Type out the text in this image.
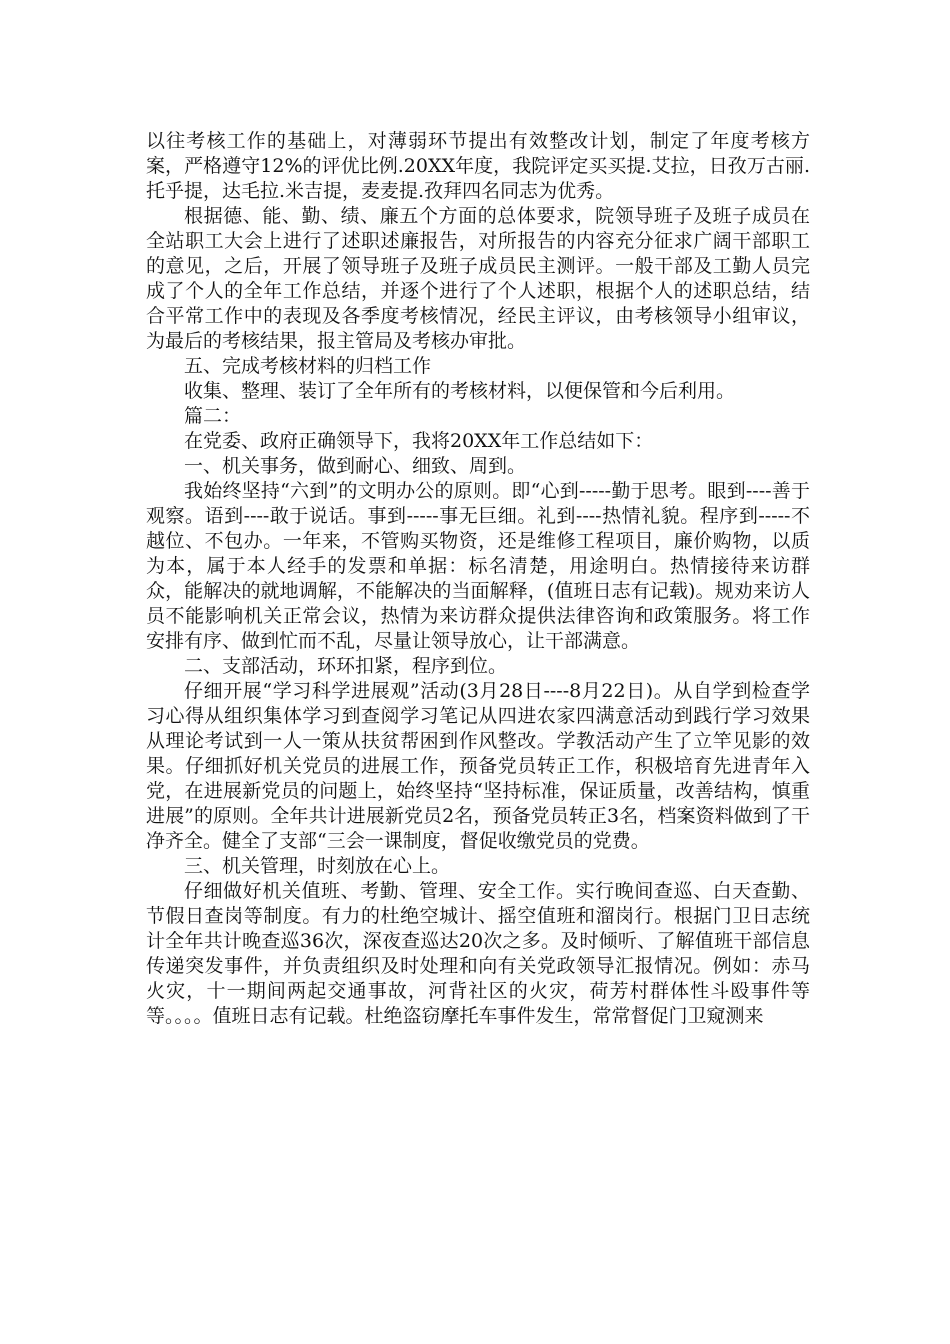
以往考核工作的基础上，对薄弱环节提出有效整改计划，制定了年度考核方案，严格遵守12%的评优比例.20XX年度，我院评定买买提.艾拉，日孜万古丽.托乎提，达毛拉.米吉提，麦麦提.孜拜四名同志为优秀。

根据德、能、勤、绩、廉五个方面的总体要求，院领导班子及班子成员在全站职工大会上进行了述职述廉报告，对所报告的内容充分征求广阔干部职工的意见，之后，开展了领导班子及班子成员民主测评。一般干部及工勤人员完成了个人的全年工作总结，并逐个进行了个人述职，根据个人的述职总结，结合平常工作中的表现及各季度考核情况，经民主评议，由考核领导小组审议，为最后的考核结果，报主管局及考核办审批。

五、完成考核材料的归档工作

收集、整理、装订了全年所有的考核材料，以便保管和今后利用。

篇二：

在党委、政府正确领导下，我将20XX年工作总结如下：

一、机关事务，做到耐心、细致、周到。

我始终坚持“六到”的文明办公的原则。即“心到-----勤于思考。眼到----善于观察。语到----敢于说话。事到-----事无巨细。礼到----热情礼貌。程序到-----不越位、不包办。一年来，不管购买物资，还是维修工程项目，廉价购物，以质为本，属于本人经手的发票和单据：标名清楚，用途明白。热情接待来访群众，能解决的就地调解，不能解决的当面解释，(值班日志有记载)。规劝来访人员不能影响机关正常会议，热情为来访群众提供法律咨询和政策服务。将工作安排有序、做到忙而不乱，尽量让领导放心，让干部满意。

二、支部活动，环环扣紧，程序到位。

仔细开展“学习科学进展观”活动(3月28日----8月22日)。从自学到检查学习心得从组织集体学习到查阅学习笔记从四进农家四满意活动到践行学习效果从理论考试到一人一策从扶贫帮困到作风整改。学教活动产生了立竿见影的效果。仔细抓好机关党员的进展工作，预备党员转正工作，积极培育先进青年入党，在进展新党员的问题上，始终坚持“坚持标准，保证质量，改善结构，慎重进展”的原则。全年共计进展新党员2名，预备党员转正3名，档案资料做到了干净齐全。健全了支部“三会一课制度，督促收缴党员的党费。

三、机关管理，时刻放在心上。

仔细做好机关值班、考勤、管理、安全工作。实行晚间查巡、白天查勤、节假日查岗等制度。有力的杜绝空城计、摇空值班和溜岗行。根据门卫日志统计全年共计晚查巡36次，深夜查巡达20次之多。及时倾听、了解值班干部信息传递突发事件，并负责组织及时处理和向有关党政领导汇报情况。例如：赤马火灾，十一期间两起交通事故，河背社区的火灾，荷芳村群体性斗殴事件等等。。。。值班日志有记载。杜绝盗窃摩托车事件发生，常常督促门卫窥测来
